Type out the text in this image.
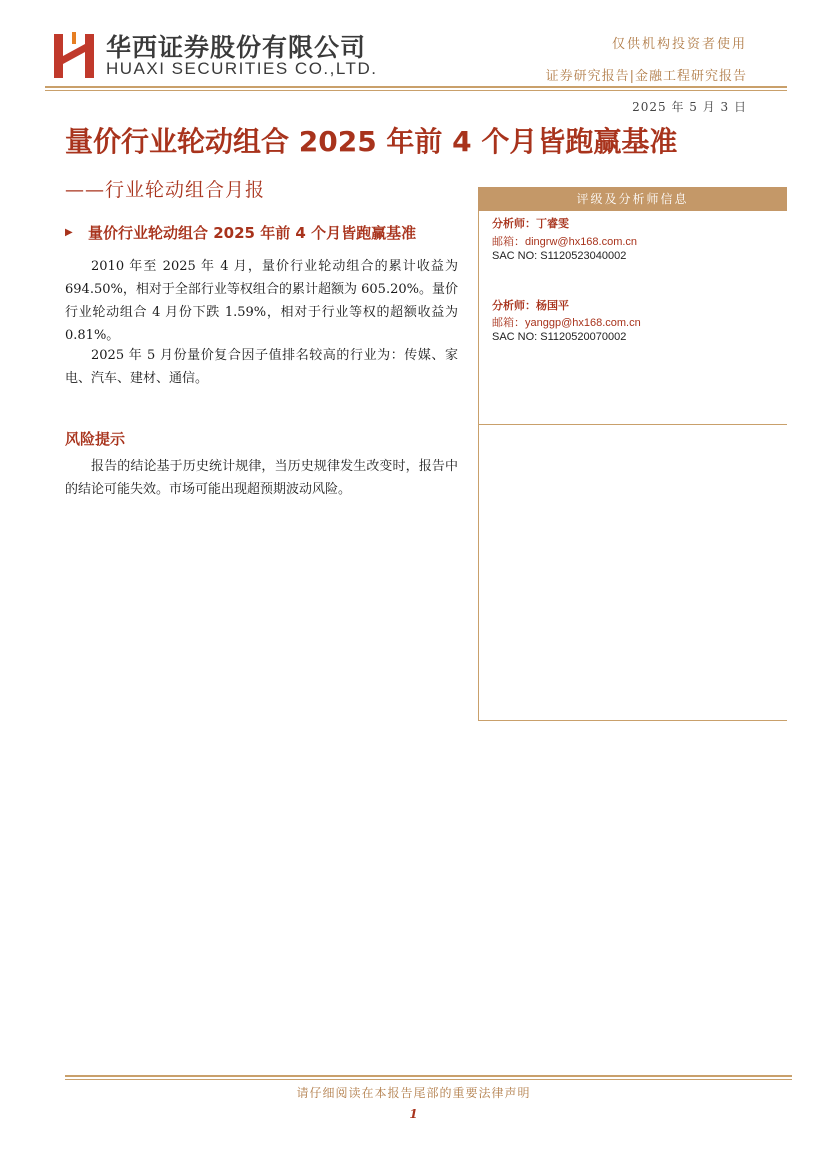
华西证券股份有限公司
HUAXI SECURITIES CO.,LTD.
仅供机构投资者使用
证券研究报告|金融工程研究报告
2025 年 5 月 3 日
量价行业轮动组合 2025 年前 4 个月皆跑赢基准
——行业轮动组合月报
▶ 量价行业轮动组合 2025 年前 4 个月皆跑赢基准
2010 年至 2025 年 4 月，量价行业轮动组合的累计收益为 694.50%，相对于全部行业等权组合的累计超额为 605.20%。量价行业轮动组合 4 月份下跌 1.59%，相对于行业等权的超额收益为 0.81%。
2025 年 5 月份量价复合因子值排名较高的行业为：传媒、家电、汽车、建材、通信。
风险提示
报告的结论基于历史统计规律，当历史规律发生改变时，报告中的结论可能失效。市场可能出现超预期波动风险。
评级及分析师信息
分析师：丁睿雯
邮箱：dingrw@hx168.com.cn
SAC NO: S1120523040002
分析师：杨国平
邮箱：yanggp@hx168.com.cn
SAC NO: S1120520070002
请仔细阅读在本报告尾部的重要法律声明
1
